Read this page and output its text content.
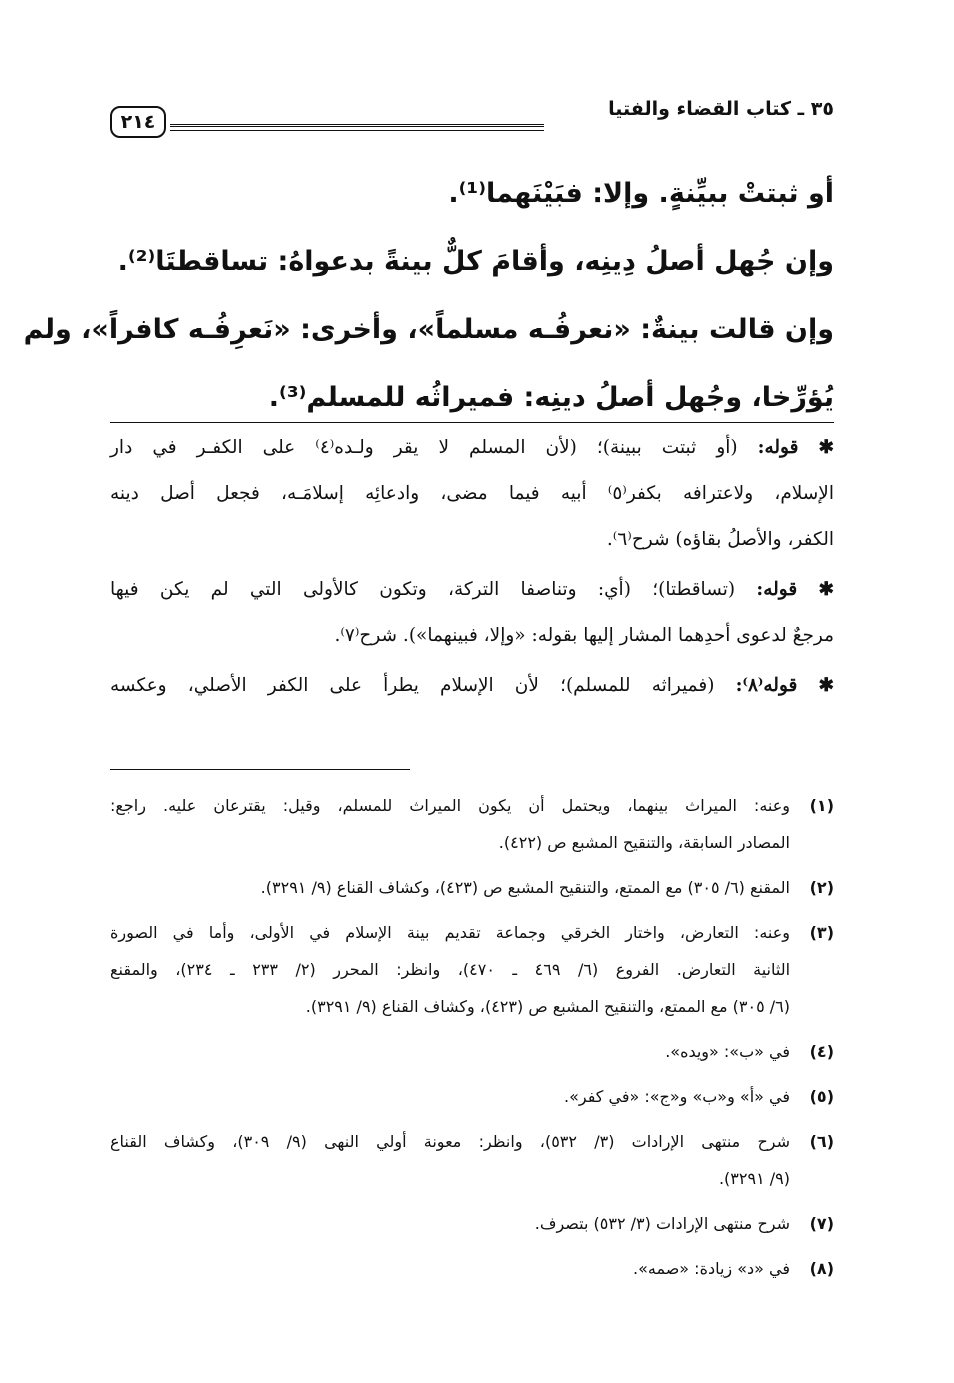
٣٥ ـ كتاب القضاء والفتيا
٢١٤
أو ثبتتْ ببيِّنةٍ. وإلا: فبَيْنَهما⁽¹⁾.
وإن جُهل أصلُ دِينِه، وأقامَ كلٌّ بينةً بدعواهُ: تساقطتَا⁽²⁾.
وإن قالت بينةٌ: «نعرفُـه مسلماً»، وأخرى: «نَعرِفُـه كافراً»، ولم
يُؤرِّخا، وجُهل أصلُ دينِه: فميراثُه للمسلم⁽³⁾.
✱ قوله: (أو ثبتت ببينة)؛ (لأن المسلم لا يقر ولـده⁽٤⁾ على الكفـر في دار
الإسلام، ولاعترافه بكفر⁽٥⁾ أبيه فيما مضى، وادعائِه إسلامَـه، فجعل أصل دينه
الكفر، والأصلُ بقاؤه) شرح⁽٦⁾.
✱ قوله: (تساقطتا)؛ (أي: وتناصفا التركة، وتكون كالأولى التي لم يكن فيها
مرجعٌ لدعوى أحدِهما المشار إليها بقوله: «وإلا، فبينهما»). شرح⁽٧⁾.
✱ قوله⁽٨⁾: (فميراثه للمسلم)؛ لأن الإسلام يطرأ على الكفر الأصلي، وعكسه
(١)
وعنه: الميراث بينهما، ويحتمل أن يكون الميراث للمسلم، وقيل: يقترعان عليه. راجع:
المصادر السابقة، والتنقيح المشبع ص (٤٢٢).
(٢)
المقنع (٦/ ٣٠٥) مع الممتع، والتنقيح المشبع ص (٤٢٣)، وكشاف القناع (٩/ ٣٢٩١).
(٣)
وعنه: التعارض، واختار الخرقي وجماعة تقديم بينة الإسلام في الأولى، وأما في الصورة
الثانية التعارض. الفروع (٦/ ٤٦٩ ـ ٤٧٠)، وانظر: المحرر (٢/ ٢٣٣ ـ ٢٣٤)، والمقنع
(٦/ ٣٠٥) مع الممتع، والتنقيح المشبع ص (٤٢٣)، وكشاف القناع (٩/ ٣٢٩١).
(٤)
في «ب»: «ويده».
(٥)
في «أ» و«ب» و«ج»: «في كفر».
(٦)
شرح منتهى الإرادات (٣/ ٥٣٢)، وانظر: معونة أولي النهى (٩/ ٣٠٩)، وكشاف القناع
(٩/ ٣٢٩١).
(٧)
شرح منتهى الإرادات (٣/ ٥٣٢) بتصرف.
(٨)
في «د» زيادة: «صمه».
